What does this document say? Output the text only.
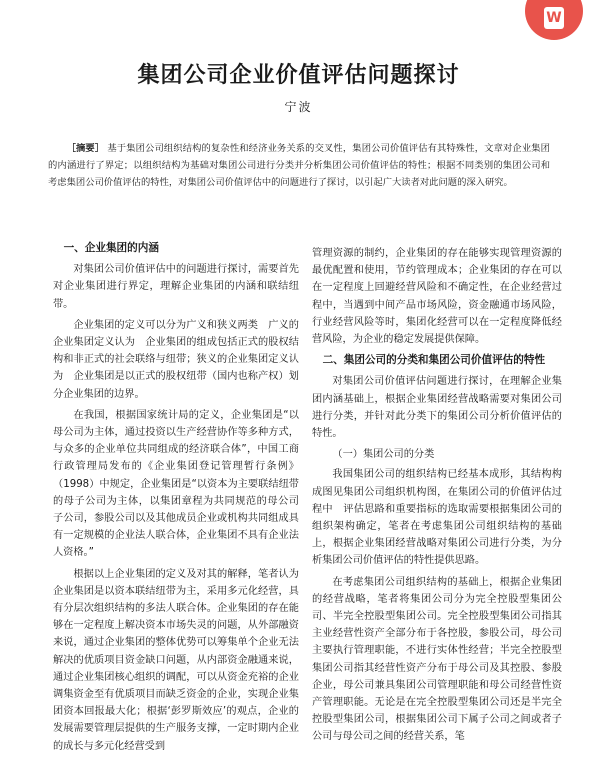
W
集团公司企业价值评估问题探讨
宁波

［摘要］ 基于集团公司组织结构的复杂性和经济业务关系的交叉性，集团公司价值评估有其特殊性，文章对企业集团的内涵进行了界定；以组织结构为基础对集团公司进行分类并分析集团公司价值评估的特性；根据不同类别的集团公司和考虑集团公司价值评估的特性，对集团公司价值评估中的问题进行了探讨，以引起广大读者对此问题的深入研究。

一、企业集团的内涵

对集团公司价值评估中的问题进行探讨，需要首先对企业集团进行界定，理解企业集团的内涵和联结纽带。

企业集团的定义可以分为广义和狭义两类　广义的企业集团定义认为　企业集团的组成包括正式的股权结构和非正式的社会联络与纽带；狭义的企业集团定义认为　企业集团是以正式的股权纽带（国内也称产权）划分企业集团的边界。

在我国，根据国家统计局的定义，企业集团是“以母公司为主体，通过投资以生产经营协作等多种方式，与众多的企业单位共同组成的经济联合体”，中国工商行政管理局发布的《企业集团登记管理暂行条例》（1998）中规定，企业集团是“以资本为主要联结纽带的母子公司为主体，以集团章程为共同规范的母公司　子公司，参股公司以及其他成员企业或机构共同组成具有一定规模的企业法人联合体，企业集团不具有企业法人资格。”

根据以上企业集团的定义及对其的解释，笔者认为企业集团是以资本联结纽带为主，采用多元化经营，具有分层次组织结构的多法人联合体。企业集团的存在能够在一定程度上解决资本市场失灵的问题，从外部融资来说，通过企业集团的整体优势可以筹集单个企业无法解决的优质项目资金缺口问题，从内部资金融通来说，通过企业集团核心组织的调配，可以从资金充裕的企业调集资金至有优质项目而缺乏资金的企业，实现企业集团资本回报最大化；根据‘彭罗斯效应’的观点，企业的发展需要管理层提供的生产服务支撑，一定时期内企业的成长与多元化经营受到

管理资源的制约，企业集团的存在能够实现管理资源的最优配置和使用，节约管理成本；企业集团的存在可以在一定程度上回避经营风险和不确定性，在企业经营过程中，当遇到中间产品市场风险，资金融通市场风险，行业经营风险等时，集团化经营可以在一定程度降低经营风险，为企业的稳定发展提供保障。

二、集团公司的分类和集团公司价值评估的特性

对集团公司价值评估问题进行探讨，在理解企业集团内涵基础上，根据企业集团经营战略需要对集团公司进行分类，并针对此分类下的集团公司分析价值评估的特性。

（一）集团公司的分类

我国集团公司的组织结构已经基本成形，其结构构成图见集团公司组织机构图，在集团公司的价值评估过程中　评估思路和重要指标的选取需要根据集团公司的组织架构确定，笔者在考虑集团公司组织结构的基础上，根据企业集团经营战略对集团公司进行分类，为分析集团公司价值评估的特性提供思路。

在考虑集团公司组织结构的基础上，根据企业集团的经营战略，笔者将集团公司分为完全控股型集团公司、半完全控股型集团公司。完全控股型集团公司指其主业经营性资产全部分布于各控股，参股公司，母公司主要执行管理职能，不进行实体性经营；半完全控股型集团公司指其经营性资产分布于母公司及其控股、参股企业，母公司兼具集团公司管理职能和母公司经营性资产管理职能。无论是在完全控股型集团公司还是半完全控股型集团公司，根据集团公司下属子公司之间或者子公司与母公司之间的经营关系，笔
